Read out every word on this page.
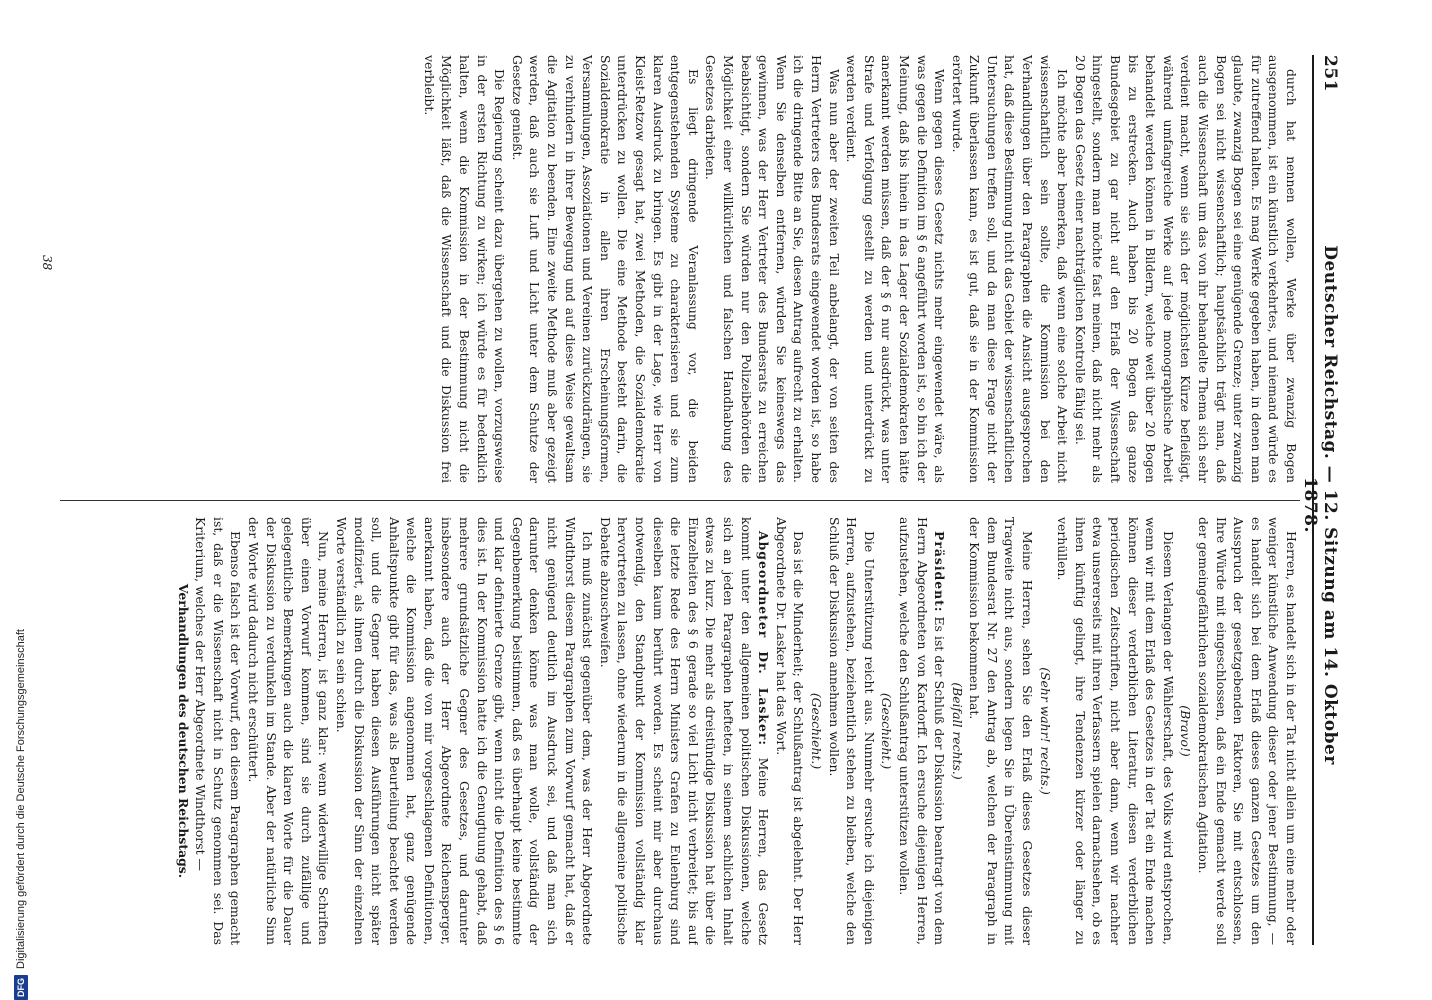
DFGDigitalisierung gefördert durch die Deutsche Forschungsgemeinschaft
251
Deutscher Reichstag. — 12. Sitzung am 14. Oktober 1878.

durch hat nennen wollen, Werke über zwanzig Bogen ausgenommen, ist ein künstlich verkehrtes, und niemand würde es für zutreffend halten. Es mag Werke gegeben haben, in denen man glaubte, zwanzig Bogen sei eine genügende Grenze; unter zwanzig Bogen sei nicht wissenschaftlich; hauptsächlich trägt man, daß auch die Wissenschaft um das von ihr behandelte Thema sich sehr verdient macht, wenn sie sich der möglichsten Kürze befleißigt, während umfangreiche Werke auf jede monographische Arbeit behandelt werden können in Bildern, welche weit über 20 Bogen bis zu erstrecken. Auch haben bis 20 Bogen das ganze Bundesgebiet zu gar nicht auf den Erlaß der Wissenschaft hingestellt, sondern man möchte fast meinen, daß nicht mehr als 20 Bogen das Gesetz einer nachträglichen Kontrolle fähig sei.

Ich möchte aber bemerken, daß wenn eine solche Arbeit nicht wissenschaftlich sein sollte, die Kommission bei den Verhandlungen über den Paragraphen die Ansicht ausgesprochen hat, daß diese Bestimmung nicht das Gebiet der wissenschaftlichen Untersuchungen treffen soll, und da man diese Frage nicht der Zukunft überlassen kann, es ist gut, daß sie in der Kommission erörtert wurde.

Wenn gegen dieses Gesetz nichts mehr eingewendet wäre, als was gegen die Definition im § 6 angeführt worden ist, so bin ich der Meinung, daß bis hinein in das Lager der Sozialdemokraten hätte anerkannt werden müssen, daß der § 6 nur ausdrückt, was unter Strafe und Verfolgung gestellt zu werden und unterdrückt zu werden verdient.

Was nun aber der zweiten Teil anbelangt, der von seiten des Herrn Vertreters des Bundesrats eingewendet worden ist, so habe ich die dringende Bitte an Sie, diesen Antrag aufrecht zu erhalten. Wenn Sie denselben entfernen, würden Sie keineswegs das gewinnen, was der Herr Vertreter des Bundesrats zu erreichen beabsichtigt, sondern Sie würden nur den Polizeibehörden die Möglichkeit einer willkürlichen und falschen Handhabung des Gesetzes darbieten.

Es liegt dringende Veranlassung vor, die beiden entgegenstehenden Systeme zu charakterisieren und sie zum klaren Ausdruck zu bringen. Es gibt in der Lage, wie Herr von Kleist-Retzow gesagt hat, zwei Methoden, die Sozialdemokratie unterdrücken zu wollen. Die eine Methode besteht darin, die Sozialdemokratie in allen ihren Erscheinungsformen, Versammlungen, Assoziationen und Vereinen zurückzudrängen, sie zu verhindern in ihrer Bewegung und auf diese Weise gewaltsam die Agitation zu beenden. Eine zweite Methode muß aber gezeigt werden, daß auch sie Luft und Licht unter dem Schutze der Gesetze genießt.

Die Regierung scheint dazu übergehen zu wollen, vorzugsweise in der ersten Richtung zu wirken; ich würde es für bedenklich halten, wenn die Kommission in der Bestimmung nicht die Möglichkeit läßt, daß die Wissenschaft und die Diskussion frei verbleibt.

Herren, es handelt sich in der Tat nicht allein um eine mehr oder weniger künstliche Anwendung dieser oder jener Bestimmung, — es handelt sich bei dem Erlaß dieses ganzen Gesetzes um den Ausspruch der gesetzgebenden Faktoren, Sie mit entschlossen, Ihre Würde mit eingeschlossen, daß ein Ende gemacht werde soll der gemeingefährlichen sozialdemokratischen Agitation.

(Bravo!)

Diesem Verlangen der Wählerschaft, des Volks wird entsprochen, wenn wir mit dem Erlaß des Gesetzes in der Tat ein Ende machen können dieser verderblichen Literatur, diesen verderblichen periodischen Zeitschriften, nicht aber dann, wenn wir nachher etwa unsererseits mit ihren Verfassern spielen darnachsehen, ob es ihnen künftig gelingt, ihre Tendenzen kürzer oder länger zu verhüllen.

(Sehr wahr! rechts.)

Meine Herren, sehen Sie den Erlaß dieses Gesetzes dieser Tragweite nicht aus, sondern legen Sie in Übereinstimmung mit dem Bundesrat Nr. 27 den Antrag ab, welchen der Paragraph in der Kommission bekommen hat.

(Beifall rechts.)

Präsident: Es ist der Schluß der Diskussion beantragt von dem Herrn Abgeordneten von Kardorff. Ich ersuche diejenigen Herren, aufzustehen, welche den Schlußantrag unterstützen wollen.

(Geschieht.)

Die Unterstützung reicht aus. Nunmehr ersuche ich diejenigen Herren, aufzustehen, beziehentlich stehen zu bleiben, welche den Schluß der Diskussion annehmen wollen.

(Geschieht.)

Das ist die Minderheit; der Schlußantrag ist abgelehnt. Der Herr Abgeordnete Dr. Lasker hat das Wort.

Abgeordneter Dr. Lasker: Meine Herren, das Gesetz kommt unter den allgemeinen politischen Diskussionen, welche sich an jeden Paragraphen hefteten, in seinem sachlichen Inhalt etwas zu kurz. Die mehr als dreistündige Diskussion hat über die Einzelheiten des § 6 gerade so viel Licht nicht verbreitet; bis auf die letzte Rede des Herrn Ministers Grafen zu Eulenburg sind dieselben kaum berührt worden. Es scheint mir aber durchaus notwendig, den Standpunkt der Kommission vollständig klar hervortreten zu lassen, ohne wiederum in die allgemeine politische Debatte abzuschweifen.

Ich muß zunächst gegenüber dem, was der Herr Abgeordnete Windthorst diesem Paragraphen zum Vorwurf gemacht hat, daß er nicht genügend deutlich im Ausdruck sei, und daß man sich darunter denken könne was man wolle, vollständig der Gegenbemerkung beistimmen, daß es überhaupt keine bestimmte und klar definierte Grenze gibt, wenn nicht die Definition des § 6 dies ist. In der Kommission hatte ich die Genugtuung gehabt, daß mehrere grundsätzliche Gegner des Gesetzes, und darunter insbesondere auch der Herr Abgeordnete Reichensperger, anerkannt haben, daß die von mir vorgeschlagenen Definitionen, welche die Kommission angenommen hat, ganz genügende Anhaltspunkte gibt für das, was als Beurteilung beachtet werden soll, und die Gegner haben diesen Ausführungen nicht später modifiziert, als ihnen durch die Diskussion der Sinn der einzelnen Worte verständlich zu sein schien.

Nun, meine Herren, ist ganz klar: wenn widerwillige Schriften über einen Vorwurf kommen, sind sie durch zufällige und gelegentliche Bemerkungen auch die klaren Worte für die Dauer der Diskussion zu verdunkeln im Stande. Aber der natürliche Sinn der Worte wird dadurch nicht erschüttert.

Ebenso falsch ist der Vorwurf, den diesem Paragraphen gemacht ist, daß er die Wissenschaft nicht in Schutz genommen sei. Das Kriterium, welches der Herr Abgeordnete Windthorst —

Verhandlungen des deutschen Reichstags.

38
